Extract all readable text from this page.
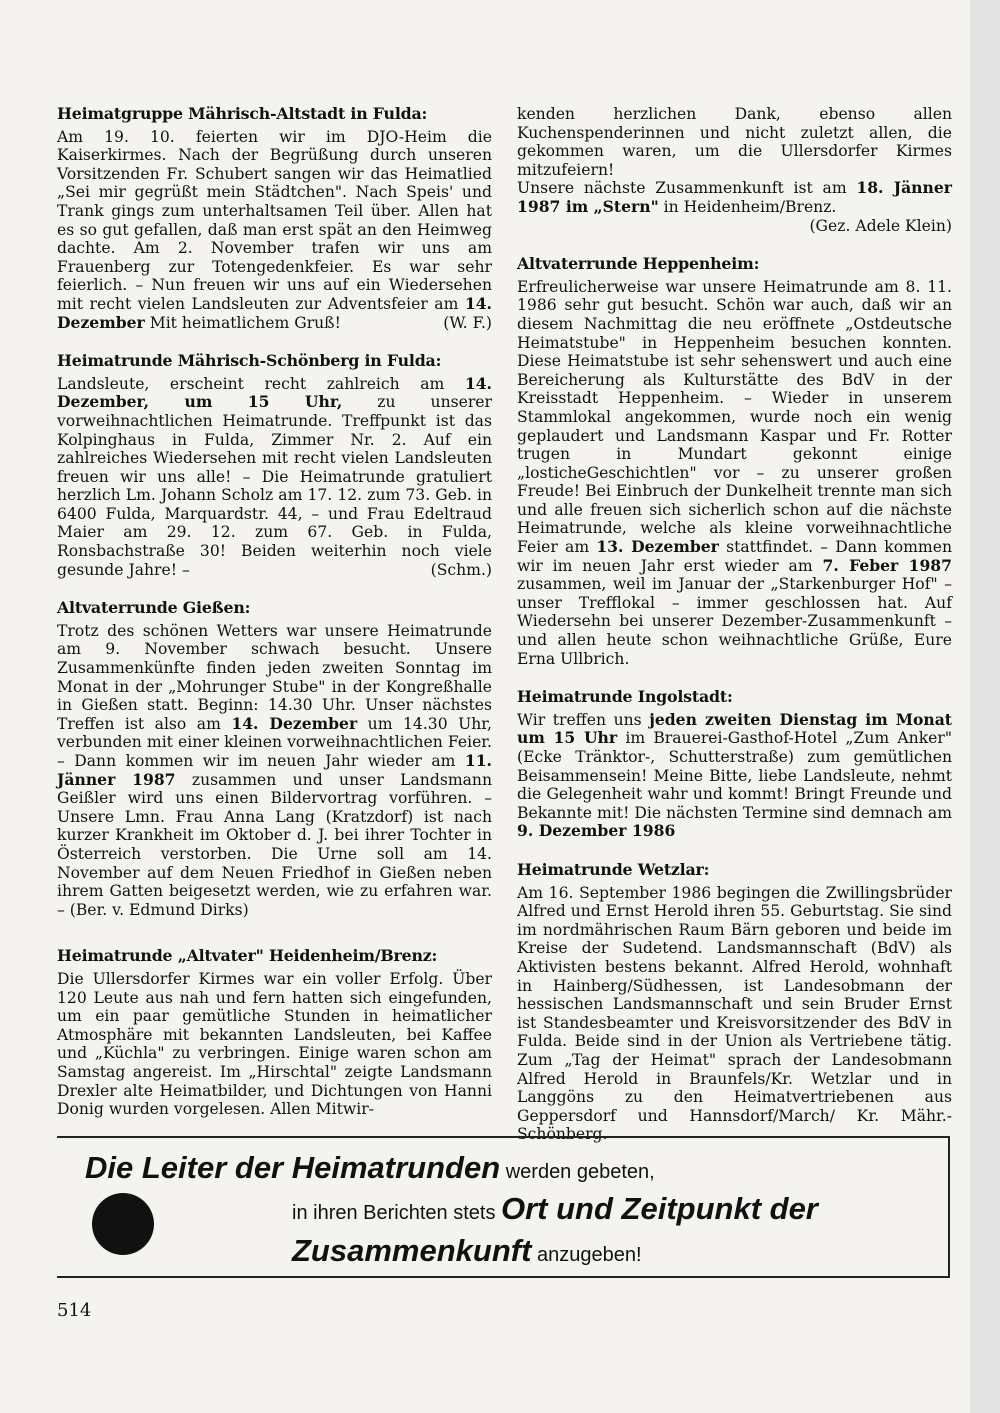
Heimatgruppe Mährisch-Altstadt in Fulda:

Am 19. 10. feierten wir im DJO-Heim die Kaiserkirmes. Nach der Begrüßung durch unseren Vorsitzenden Fr. Schubert sangen wir das Heimatlied „Sei mir gegrüßt mein Städtchen". Nach Speis' und Trank gings zum unterhaltsamen Teil über. Allen hat es so gut gefallen, daß man erst spät an den Heimweg dachte. Am 2. November trafen wir uns am Frauenberg zur Totengedenkfeier. Es war sehr feierlich. – Nun freuen wir uns auf ein Wiedersehen mit recht vielen Landsleuten zur Adventsfeier am 14. Dezember Mit heimatlichem Gruß!	(W. F.)

Heimatrunde Mährisch-Schönberg in Fulda:

Landsleute, erscheint recht zahlreich am 14. Dezember, um 15 Uhr, zu unserer vorweihnachtlichen Heimatrunde. Treffpunkt ist das Kolpinghaus in Fulda, Zimmer Nr. 2. Auf ein zahlreiches Wiedersehen mit recht vielen Landsleuten freuen wir uns alle! – Die Heimatrunde gratuliert herzlich Lm. Johann Scholz am 17. 12. zum 73. Geb. in 6400 Fulda, Marquardstr. 44, – und Frau Edeltraud Maier am 29. 12. zum 67. Geb. in Fulda, Ronsbachstraße 30! Beiden weiterhin noch viele gesunde Jahre! –	(Schm.)

Altvaterrunde Gießen:

Trotz des schönen Wetters war unsere Heimatrunde am 9. November schwach besucht. Unsere Zusammenkünfte finden jeden zweiten Sonntag im Monat in der „Mohrunger Stube" in der Kongreßhalle in Gießen statt. Beginn: 14.30 Uhr. Unser nächstes Treffen ist also am 14. Dezember um 14.30 Uhr, verbunden mit einer kleinen vorweihnachtlichen Feier. – Dann kommen wir im neuen Jahr wieder am 11. Jänner 1987 zusammen und unser Landsmann Geißler wird uns einen Bildervortrag vorführen. – Unsere Lmn. Frau Anna Lang (Kratzdorf) ist nach kurzer Krankheit im Oktober d. J. bei ihrer Tochter in Österreich verstorben. Die Urne soll am 14. November auf dem Neuen Friedhof in Gießen neben ihrem Gatten beigesetzt werden, wie zu erfahren war. – (Ber. v. Edmund Dirks)

Heimatrunde „Altvater" Heidenheim/Brenz:

Die Ullersdorfer Kirmes war ein voller Erfolg. Über 120 Leute aus nah und fern hatten sich eingefunden, um ein paar gemütliche Stunden in heimatlicher Atmosphäre mit bekannten Landsleuten, bei Kaffee und „Küchla" zu verbringen. Einige waren schon am Samstag angereist. Im „Hirschtal" zeigte Landsmann Drexler alte Heimatbilder, und Dichtungen von Hanni Donig wurden vorgelesen. Allen Mitwir-

kenden herzlichen Dank, ebenso allen Kuchenspenderinnen und nicht zuletzt allen, die gekommen waren, um die Ullersdorfer Kirmes mitzufeiern!

Unsere nächste Zusammenkunft ist am 18. Jänner 1987 im „Stern" in Heidenheim/Brenz.

(Gez. Adele Klein)
Altvaterrunde Heppenheim:

Erfreulicherweise war unsere Heimatrunde am 8. 11. 1986 sehr gut besucht. Schön war auch, daß wir an diesem Nachmittag die neu eröffnete „Ostdeutsche Heimatstube" in Heppenheim besuchen konnten. Diese Heimatstube ist sehr sehenswert und auch eine Bereicherung als Kulturstätte des BdV in der Kreisstadt Heppenheim. – Wieder in unserem Stammlokal angekommen, wurde noch ein wenig geplaudert und Landsmann Kaspar und Fr. Rotter trugen in Mundart gekonnt einige „losticheGeschichtlen" vor – zu unserer großen Freude! Bei Einbruch der Dunkelheit trennte man sich und alle freuen sich sicherlich schon auf die nächste Heimatrunde, welche als kleine vorweihnachtliche Feier am 13. Dezember stattfindet. – Dann kommen wir im neuen Jahr erst wieder am 7. Feber 1987 zusammen, weil im Januar der „Starkenburger Hof" – unser Trefflokal – immer geschlossen hat. Auf Wiedersehn bei unserer Dezember-Zusammenkunft – und allen heute schon weihnachtliche Grüße, Eure Erna Ullbrich.

Heimatrunde Ingolstadt:

Wir treffen uns jeden zweiten Dienstag im Monat um 15 Uhr im Brauerei-Gasthof-Hotel „Zum Anker" (Ecke Tränktor-, Schutterstraße) zum gemütlichen Beisammensein! Meine Bitte, liebe Landsleute, nehmt die Gelegenheit wahr und kommt! Bringt Freunde und Bekannte mit! Die nächsten Termine sind demnach am 9. Dezember 1986

Heimatrunde Wetzlar:

Am 16. September 1986 begingen die Zwillingsbrüder Alfred und Ernst Herold ihren 55. Geburtstag. Sie sind im nordmährischen Raum Bärn geboren und beide im Kreise der Sudetend. Landsmannschaft (BdV) als Aktivisten bestens bekannt. Alfred Herold, wohnhaft in Hainberg/Südhessen, ist Landesobmann der hessischen Landsmannschaft und sein Bruder Ernst ist Standesbeamter und Kreisvorsitzender des BdV in Fulda. Beide sind in der Union als Vertriebene tätig. Zum „Tag der Heimat" sprach der Landesobmann Alfred Herold in Braunfels/Kr. Wetzlar und in Langgöns zu den Heimatvertriebenen aus Geppersdorf und Hannsdorf/March/ Kr. Mähr.-Schönberg.

Die Leiter der Heimatrunden werden gebeten,
in ihren Berichten stets Ort und Zeitpunkt der
Zusammenkunft anzugeben!
514
